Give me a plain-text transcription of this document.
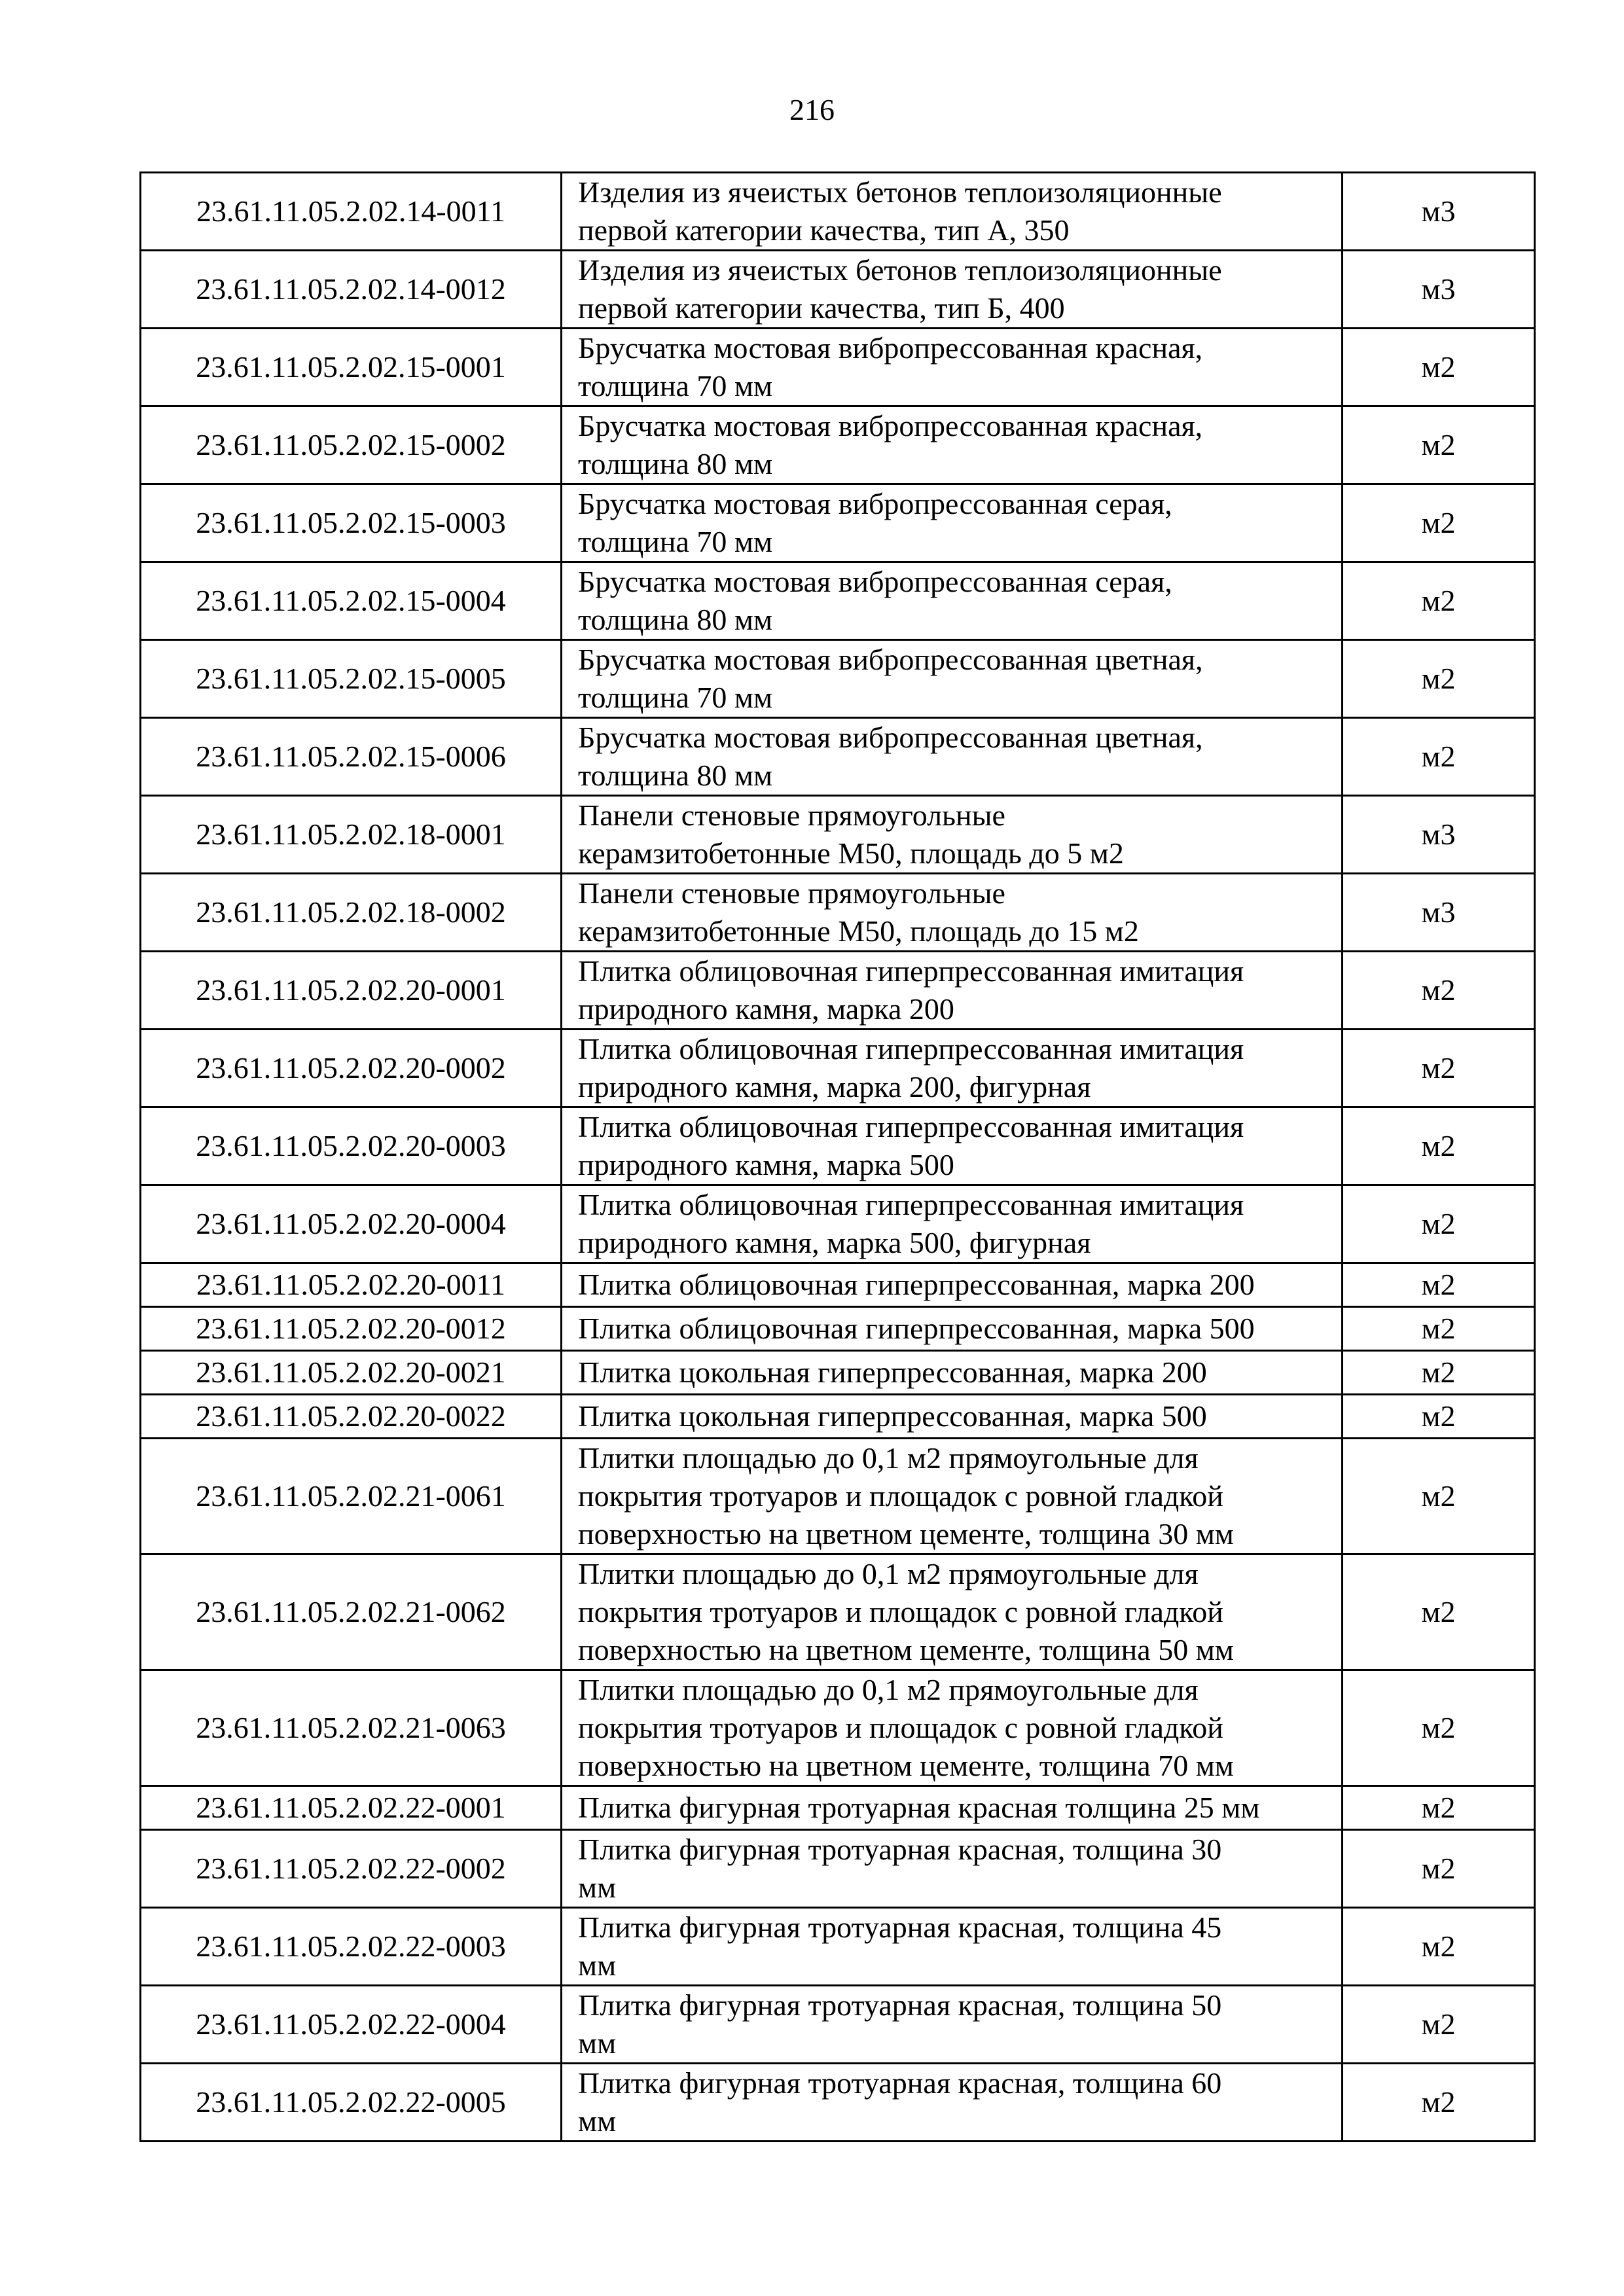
216
23.61.11.05.2.02.14-0011	Изделия из ячеистых бетонов теплоизоляционные
первой категории качества, тип А, 350	м3
23.61.11.05.2.02.14-0012	Изделия из ячеистых бетонов теплоизоляционные
первой категории качества, тип Б, 400	м3
23.61.11.05.2.02.15-0001	Брусчатка мостовая вибропрессованная красная,
толщина 70 мм	м2
23.61.11.05.2.02.15-0002	Брусчатка мостовая вибропрессованная красная,
толщина 80 мм	м2
23.61.11.05.2.02.15-0003	Брусчатка мостовая вибропрессованная серая,
толщина 70 мм	м2
23.61.11.05.2.02.15-0004	Брусчатка мостовая вибропрессованная серая,
толщина 80 мм	м2
23.61.11.05.2.02.15-0005	Брусчатка мостовая вибропрессованная цветная,
толщина 70 мм	м2
23.61.11.05.2.02.15-0006	Брусчатка мостовая вибропрессованная цветная,
толщина 80 мм	м2
23.61.11.05.2.02.18-0001	Панели стеновые прямоугольные
керамзитобетонные М50, площадь до 5 м2	м3
23.61.11.05.2.02.18-0002	Панели стеновые прямоугольные
керамзитобетонные М50, площадь до 15 м2	м3
23.61.11.05.2.02.20-0001	Плитка облицовочная гиперпрессованная имитация
природного камня, марка 200	м2
23.61.11.05.2.02.20-0002	Плитка облицовочная гиперпрессованная имитация
природного камня, марка 200, фигурная	м2
23.61.11.05.2.02.20-0003	Плитка облицовочная гиперпрессованная имитация
природного камня, марка 500	м2
23.61.11.05.2.02.20-0004	Плитка облицовочная гиперпрессованная имитация
природного камня, марка 500, фигурная	м2
23.61.11.05.2.02.20-0011	Плитка облицовочная гиперпрессованная, марка 200	м2
23.61.11.05.2.02.20-0012	Плитка облицовочная гиперпрессованная, марка 500	м2
23.61.11.05.2.02.20-0021	Плитка цокольная гиперпрессованная, марка 200	м2
23.61.11.05.2.02.20-0022	Плитка цокольная гиперпрессованная, марка 500	м2
23.61.11.05.2.02.21-0061	Плитки площадью до 0,1 м2 прямоугольные для
покрытия тротуаров и площадок с ровной гладкой
поверхностью на цветном цементе, толщина 30 мм	м2
23.61.11.05.2.02.21-0062	Плитки площадью до 0,1 м2 прямоугольные для
покрытия тротуаров и площадок с ровной гладкой
поверхностью на цветном цементе, толщина 50 мм	м2
23.61.11.05.2.02.21-0063	Плитки площадью до 0,1 м2 прямоугольные для
покрытия тротуаров и площадок с ровной гладкой
поверхностью на цветном цементе, толщина 70 мм	м2
23.61.11.05.2.02.22-0001	Плитка фигурная тротуарная красная толщина 25 мм	м2
23.61.11.05.2.02.22-0002	Плитка фигурная тротуарная красная, толщина 30
мм	м2
23.61.11.05.2.02.22-0003	Плитка фигурная тротуарная красная, толщина 45
мм	м2
23.61.11.05.2.02.22-0004	Плитка фигурная тротуарная красная, толщина 50
мм	м2
23.61.11.05.2.02.22-0005	Плитка фигурная тротуарная красная, толщина 60
мм	м2
